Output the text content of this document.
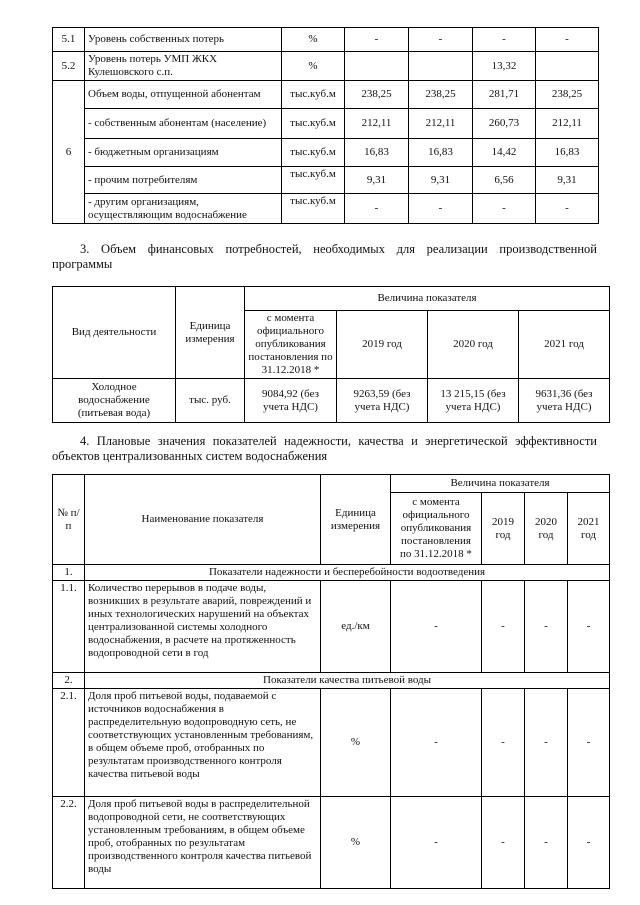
5.1	Уровень собственных потерь	%	-	-	-	-
5.2	Уровень потерь УМП ЖКХ Кулешовского с.п.	%			13,32	
6	Объем воды, отпущенной абонентам	тыс.куб.м	238,25	238,25	281,71	238,25
	- собственным абонентам (население)	тыс.куб.м	212,11	212,11	260,73	212,11
	- бюджетным организациям	тыс.куб.м	16,83	16,83	14,42	16,83
	- прочим потребителям	тыс.куб.м	9,31	9,31	6,56	9,31
	- другим организациям, осуществляющим водоснабжение	тыс.куб.м	-	-	-	-

3. Объем финансовых потребностей, необходимых для реализации производственной программы

Вид деятельности	Единица измерения	Величина показателя			
		с момента официального опубликования постановления по 31.12.2018 *	2019 год	2020 год	2021 год
Холодное водоснабжение (питьевая вода)	тыс. руб.	9084,92 (без учета НДС)	9263,59 (без учета НДС)	13 215,15 (без учета НДС)	9631,36 (без учета НДС)

4. Плановые значения показателей надежности, качества и энергетической эффективности объектов централизованных систем водоснабжения

№ п/п	Наименование показателя	Единица измерения	Величина показателя			
			с момента официального опубликования постановления по 31.12.2018 *	2019 год	2020 год	2021 год
1.	Показатели надежности и бесперебойности водоотведения					
1.1.	Количество перерывов в подаче воды, возникших в результате аварий, повреждений и иных технологических нарушений на объектах централизованной системы холодного водоснабжения, в расчете на протяженность водопроводной сети в год	ед./км	-	-	-	-
2.	Показатели качества питьевой воды					
2.1.	Доля проб питьевой воды, подаваемой с источников водоснабжения в распределительную водопроводную сеть, не соответствующих установленным требованиям, в общем объеме проб, отобранных по результатам производственного контроля качества питьевой воды	%	-	-	-	-
2.2.	Доля проб питьевой воды в распределительной водопроводной сети, не соответствующих установленным требованиям, в общем объеме проб, отобранных по результатам производственного контроля качества питьевой воды	%	-	-	-	-
